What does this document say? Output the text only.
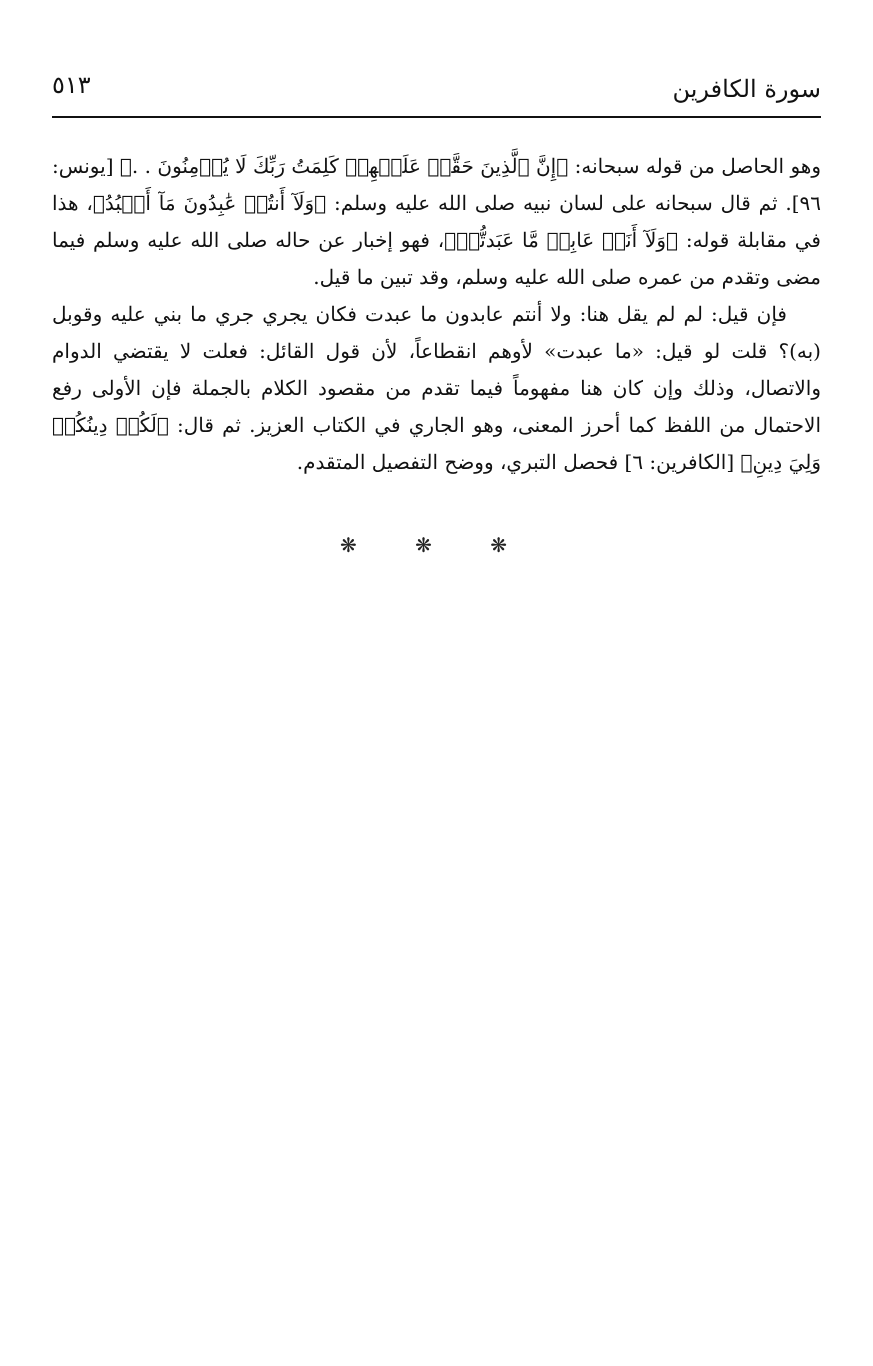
سورة الكافرين
٥١٣

وهو الحاصل من قوله سبحانه: ﴿إِنَّ ٱلَّذِينَ حَقَّتۡ عَلَيۡهِمۡ كَلِمَتُ رَبِّكَ لَا يُؤۡمِنُونَ . .﴾ [يونس: ٩٦]. ثم قال سبحانه على لسان نبيه صلى الله عليه وسلم: ﴿وَلَآ أَنتُمۡ عَٰبِدُونَ مَآ أَعۡبُدُ﴾، هذا في مقابلة قوله: ﴿وَلَآ أَنَا۠ عَابِدٞ مَّا عَبَدتُّمۡ﴾، فهو إخبار عن حاله صلى الله عليه وسلم فيما مضى وتقدم من عمره صلى الله عليه وسلم، وقد تبين ما قيل.

فإن قيل: لم لم يقل هنا: ولا أنتم عابدون ما عبدت فكان يجري جري ما بني عليه وقوبل (به)؟ قلت لو قيل: «ما عبدت» لأوهم انقطاعاً، لأن قول القائل: فعلت لا يقتضي الدوام والاتصال، وذلك وإن كان هنا مفهوماً فيما تقدم من مقصود الكلام بالجملة فإن الأولى رفع الاحتمال من اللفظ كما أحرز المعنى، وهو الجاري في الكتاب العزيز. ثم قال: ﴿لَكُمۡ دِينُكُمۡ وَلِيَ دِينِ﴾ [الكافرين: ٦] فحصل التبري، ووضح التفصيل المتقدم.

❋ ❋ ❋
